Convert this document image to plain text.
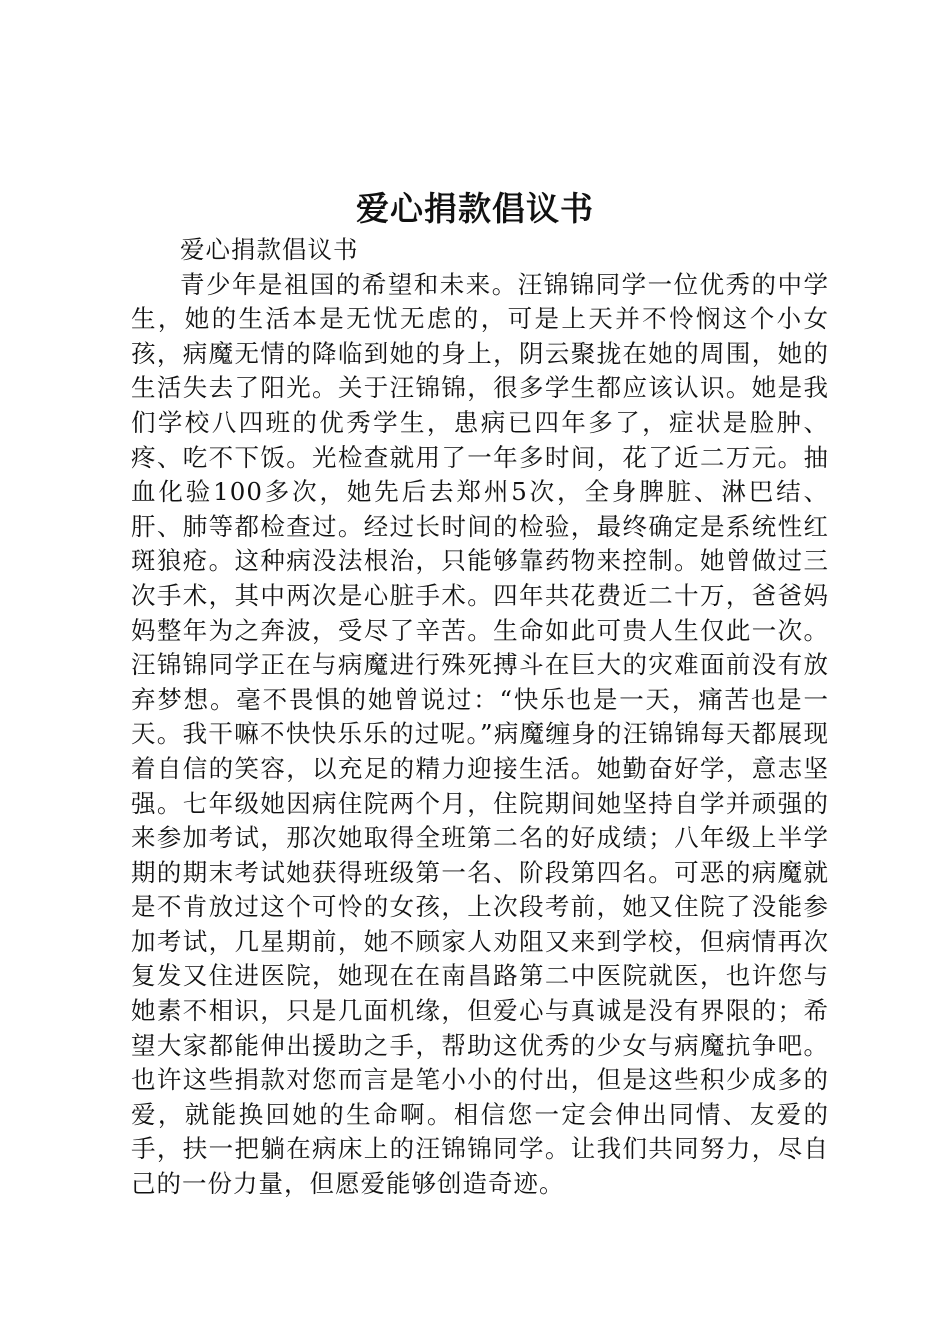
爱心捐款倡议书

爱心捐款倡议书

青少年是祖国的希望和未来。汪锦锦同学一位优秀的中学生，她的生活本是无忧无虑的，可是上天并不怜悯这个小女孩，病魔无情的降临到她的身上，阴云聚拢在她的周围，她的生活失去了阳光。关于汪锦锦，很多学生都应该认识。她是我们学校八四班的优秀学生，患病已四年多了，症状是脸肿、疼、吃不下饭。光检查就用了一年多时间，花了近二万元。抽血化验100多次，她先后去郑州5次，全身脾脏、淋巴结、肝、肺等都检查过。经过长时间的检验，最终确定是系统性红斑狼疮。这种病没法根治，只能够靠药物来控制。她曾做过三次手术，其中两次是心脏手术。四年共花费近二十万，爸爸妈妈整年为之奔波，受尽了辛苦。生命如此可贵人生仅此一次。汪锦锦同学正在与病魔进行殊死搏斗在巨大的灾难面前没有放弃梦想。毫不畏惧的她曾说过：“快乐也是一天，痛苦也是一天。我干嘛不快快乐乐的过呢。”病魔缠身的汪锦锦每天都展现着自信的笑容，以充足的精力迎接生活。她勤奋好学，意志坚强。七年级她因病住院两个月，住院期间她坚持自学并顽强的来参加考试，那次她取得全班第二名的好成绩；八年级上半学期的期末考试她获得班级第一名、阶段第四名。可恶的病魔就是不肯放过这个可怜的女孩，上次段考前，她又住院了没能参加考试，几星期前，她不顾家人劝阻又来到学校，但病情再次复发又住进医院，她现在在南昌路第二中医院就医，也许您与她素不相识，只是几面机缘，但爱心与真诚是没有界限的；希望大家都能伸出援助之手，帮助这优秀的少女与病魔抗争吧。也许这些捐款对您而言是笔小小的付出，但是这些积少成多的爱，就能换回她的生命啊。相信您一定会伸出同情、友爱的手，扶一把躺在病床上的汪锦锦同学。让我们共同努力，尽自己的一份力量，但愿爱能够创造奇迹。
